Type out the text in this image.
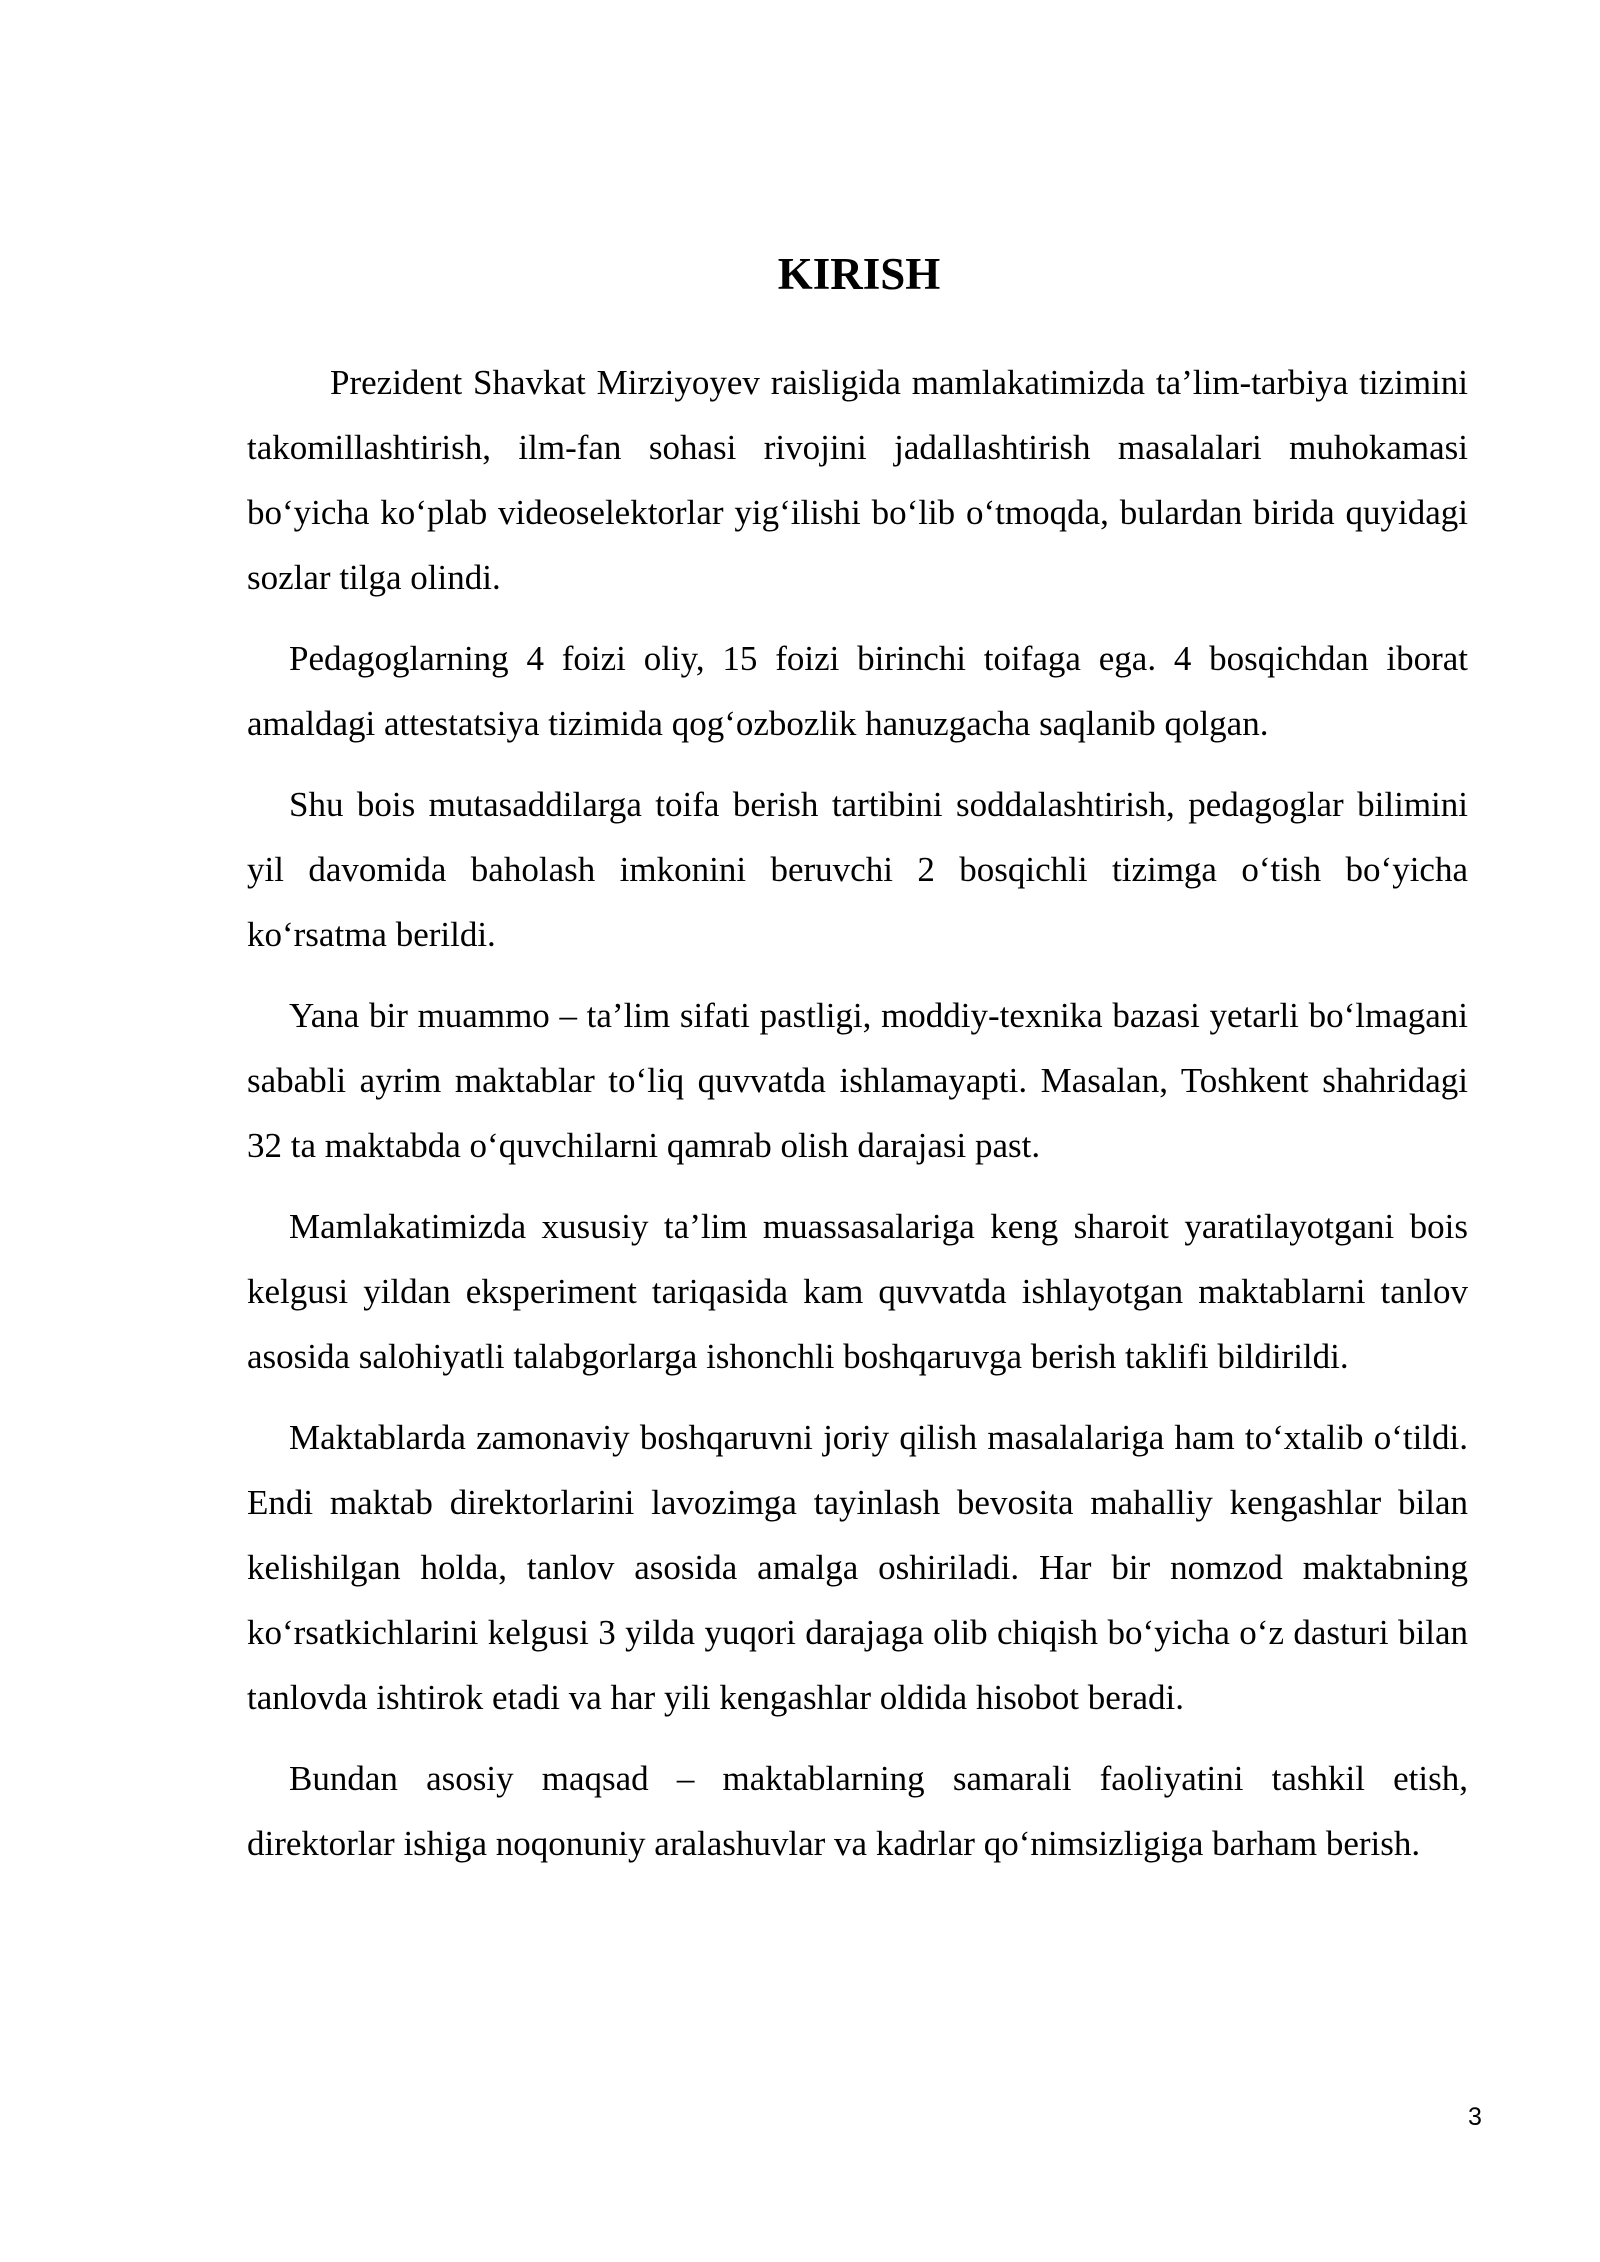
KIRISH

Prezident Shavkat Mirziyoyev raisligida mamlakatimizda ta’lim-tarbiya tizimini takomillashtirish, ilm-fan sohasi rivojini jadallashtirish masalalari muhokamasi bo‘yicha ko‘plab videoselektorlar yig‘ilishi bo‘lib o‘tmoqda, bulardan birida quyidagi sozlar tilga olindi.

Pedagoglarning 4 foizi oliy, 15 foizi birinchi toifaga ega. 4 bosqichdan iborat amaldagi attestatsiya tizimida qog‘ozbozlik hanuzgacha saqlanib qolgan.

Shu bois mutasaddilarga toifa berish tartibini soddalashtirish, pedagoglar bilimini yil davomida baholash imkonini beruvchi 2 bosqichli tizimga o‘tish bo‘yicha ko‘rsatma berildi.

Yana bir muammo – ta’lim sifati pastligi, moddiy-texnika bazasi yetarli bo‘lmagani sababli ayrim maktablar to‘liq quvvatda ishlamayapti. Masalan, Toshkent shahridagi 32 ta maktabda o‘quvchilarni qamrab olish darajasi past.

Mamlakatimizda xususiy ta’lim muassasalariga keng sharoit yaratilayotgani bois kelgusi yildan eksperiment tariqasida kam quvvatda ishlayotgan maktablarni tanlov asosida salohiyatli talabgorlarga ishonchli boshqaruvga berish taklifi bildirildi.

Maktablarda zamonaviy boshqaruvni joriy qilish masalalariga ham to‘xtalib o‘tildi. Endi maktab direktorlarini lavozimga tayinlash bevosita mahalliy kengashlar bilan kelishilgan holda, tanlov asosida amalga oshiriladi. Har bir nomzod maktabning ko‘rsatkichlarini kelgusi 3 yilda yuqori darajaga olib chiqish bo‘yicha o‘z dasturi bilan tanlovda ishtirok etadi va har yili kengashlar oldida hisobot beradi.

Bundan asosiy maqsad – maktablarning samarali faoliyatini tashkil etish, direktorlar ishiga noqonuniy aralashuvlar va kadrlar qo‘nimsizligiga barham berish.

3
